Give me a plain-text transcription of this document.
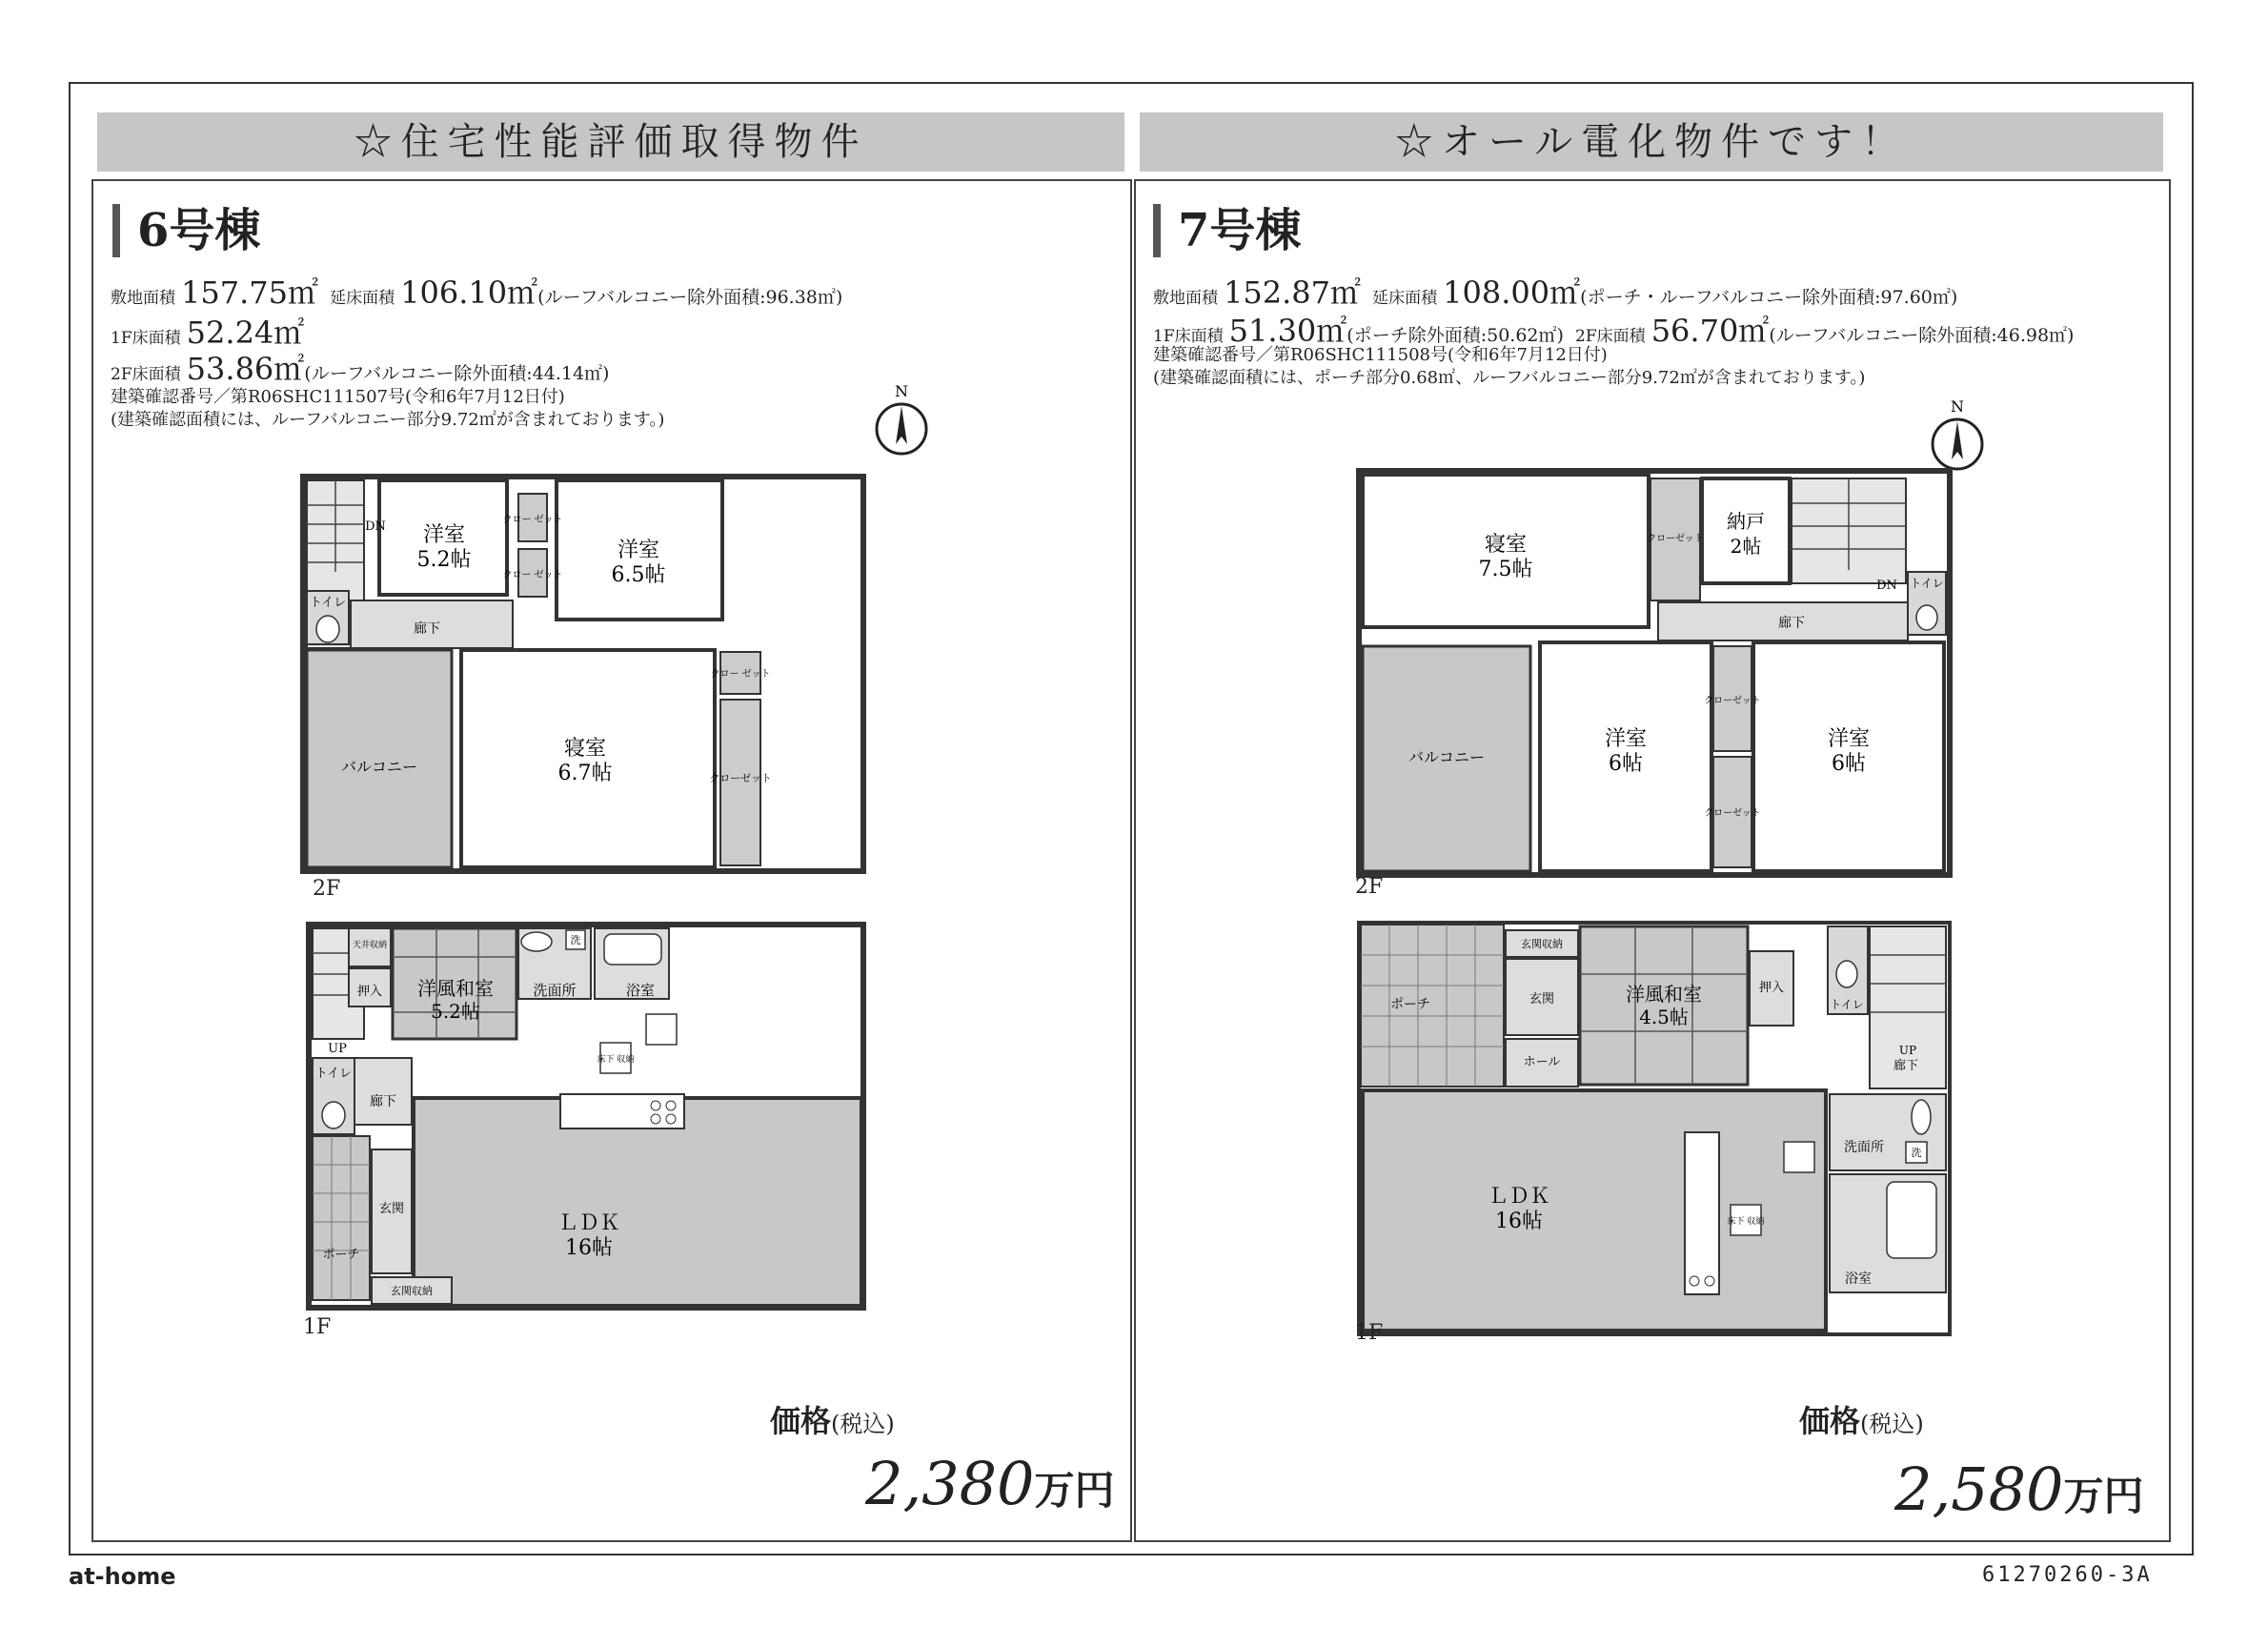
☆住宅性能評価取得物件	☆オール電化物件です！
6号棟
敷地面積 157.75㎡ 延床面積 106.10㎡(ルーフバルコニー除外面積:96.38㎡)
1F床面積 52.24㎡
2F床面積 53.86㎡(ルーフバルコニー除外面積:44.14㎡)
建築確認番号／第R06SHC111507号(令和6年7月12日付)
(建築確認面積には、ルーフバルコニー部分9.72㎡が含まれております。)
N
洋室
5.2帖	洋室
6.5帖
寝室
6.7帖
バルコニー
廊下
トイレ
DN	クロー ゼット
クロー ゼット
クロー ゼット
クローゼット
2F
洋風和室
5.2帖
ＬＤＫ
16帖
洗面所	浴室
洗
トイレ
廊下
玄関
ポーチ
玄関収納
押入
天井収納
UP
床下 収納
1F
価格(税込)
2,380万円
7号棟
敷地面積 152.87㎡ 延床面積 108.00㎡(ポーチ・ルーフバルコニー除外面積:97.60㎡)
1F床面積 51.30㎡(ポーチ除外面積:50.62㎡) 2F床面積 56.70㎡(ルーフバルコニー除外面積:46.98㎡)
建築確認番号／第R06SHC111508号(令和6年7月12日付)
(建築確認面積には、ポーチ部分0.68㎡、ルーフバルコニー部分9.72㎡が含まれております。)
N
寝室
7.5帖
納戸
2帖
洋室
6帖
洋室
6帖
バルコニー
廊下
トイレ
DN
クローゼット
クローゼット
クローゼット
2F
洋風和室
4.5帖
ＬＤＫ
16帖
洗面所
浴室
洗
トイレ
廊下
ホール
玄関
ポーチ
玄関収納
押入
UP
床下 収納
1F
価格(税込)
2,580万円
at-home	61270260-3A
